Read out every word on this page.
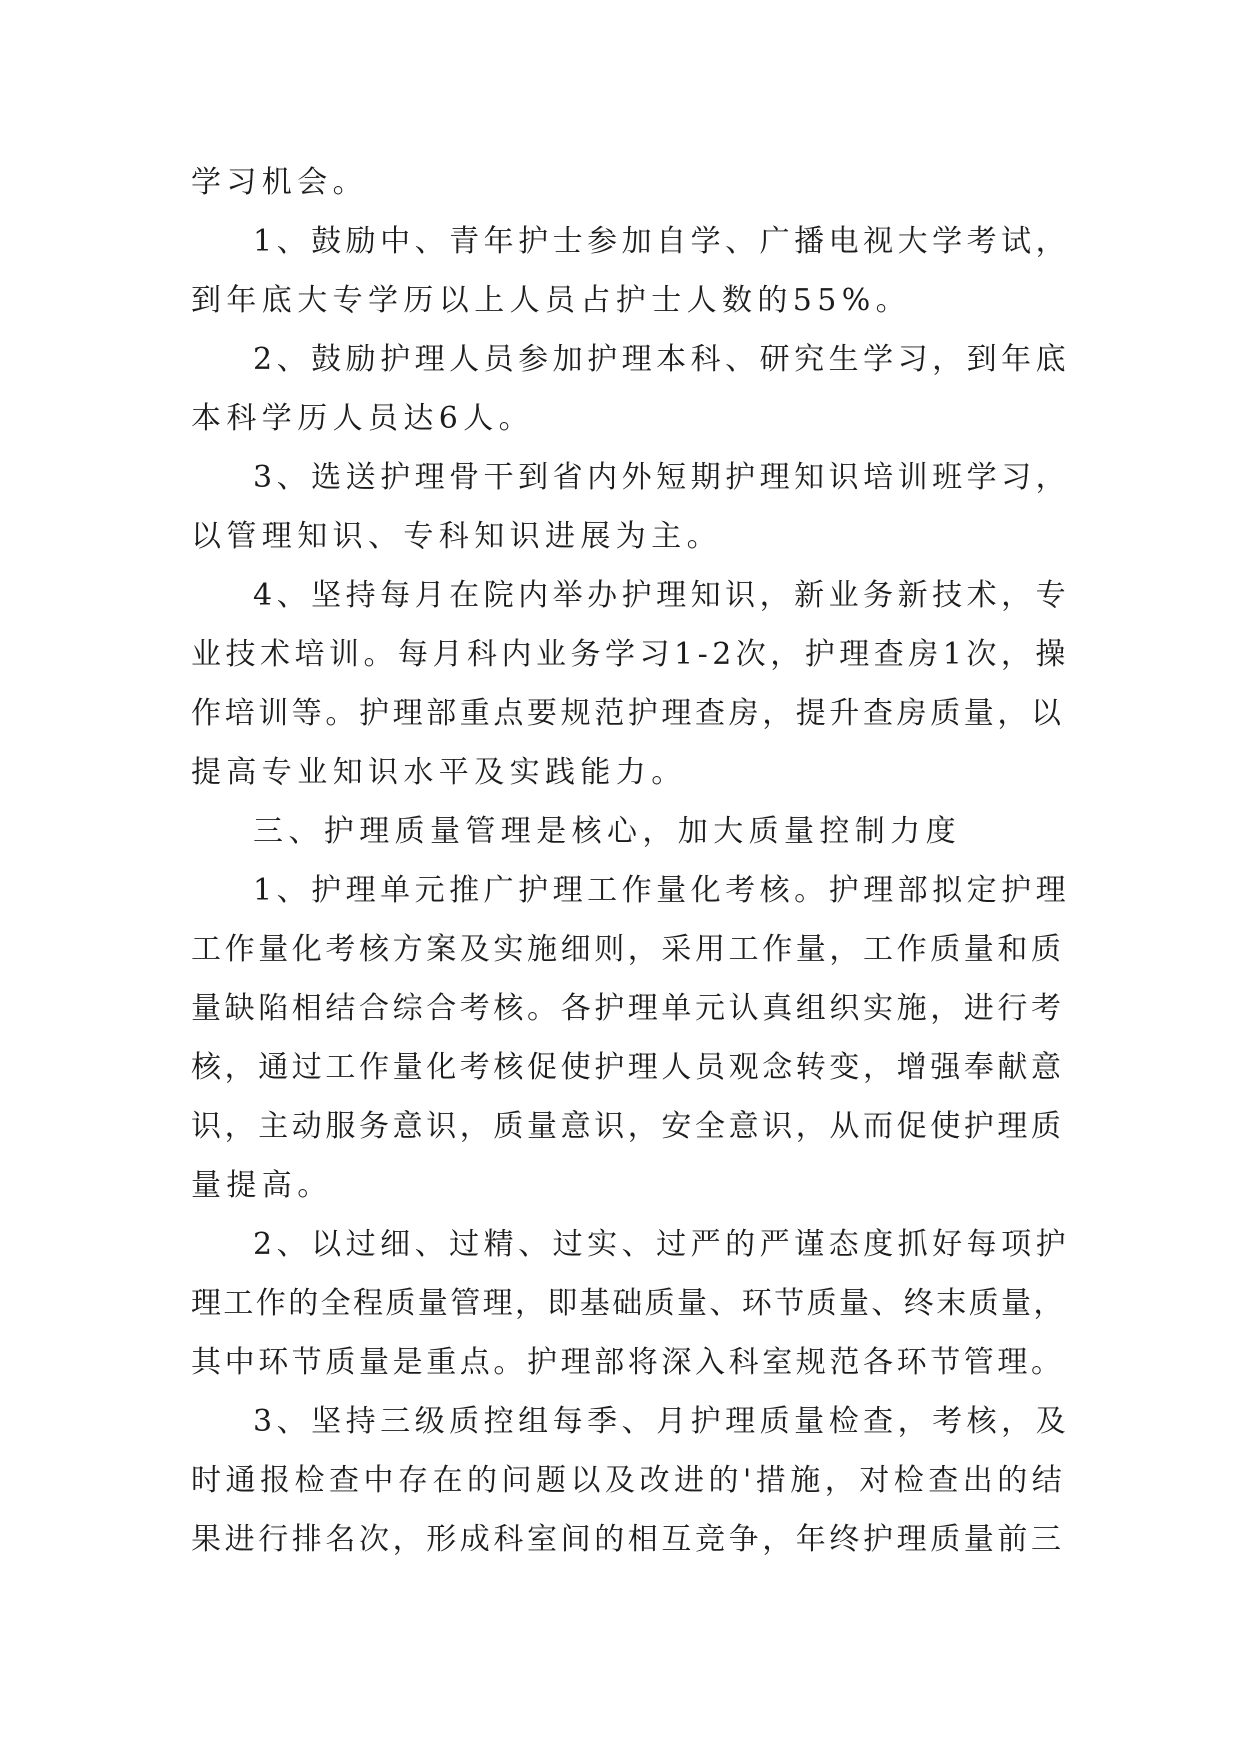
学习机会。
1、鼓励中、青年护士参加自学、广播电视大学考试，
到年底大专学历以上人员占护士人数的55%。
2、鼓励护理人员参加护理本科、研究生学习，到年底
本科学历人员达6人。
3、选送护理骨干到省内外短期护理知识培训班学习，
以管理知识、专科知识进展为主。
4、坚持每月在院内举办护理知识，新业务新技术，专
业技术培训。每月科内业务学习1-2次，护理查房1次，操
作培训等。护理部重点要规范护理查房，提升查房质量，以
提高专业知识水平及实践能力。
三、护理质量管理是核心，加大质量控制力度
1、护理单元推广护理工作量化考核。护理部拟定护理
工作量化考核方案及实施细则，采用工作量，工作质量和质
量缺陷相结合综合考核。各护理单元认真组织实施，进行考
核，通过工作量化考核促使护理人员观念转变，增强奉献意
识，主动服务意识，质量意识，安全意识，从而促使护理质
量提高。
2、以过细、过精、过实、过严的严谨态度抓好每项护
理工作的全程质量管理，即基础质量、环节质量、终末质量，
其中环节质量是重点。护理部将深入科室规范各环节管理。
3、坚持三级质控组每季、月护理质量检查，考核，及
时通报检查中存在的问题以及改进的'措施，对检查出的结
果进行排名次，形成科室间的相互竞争，年终护理质量前三
